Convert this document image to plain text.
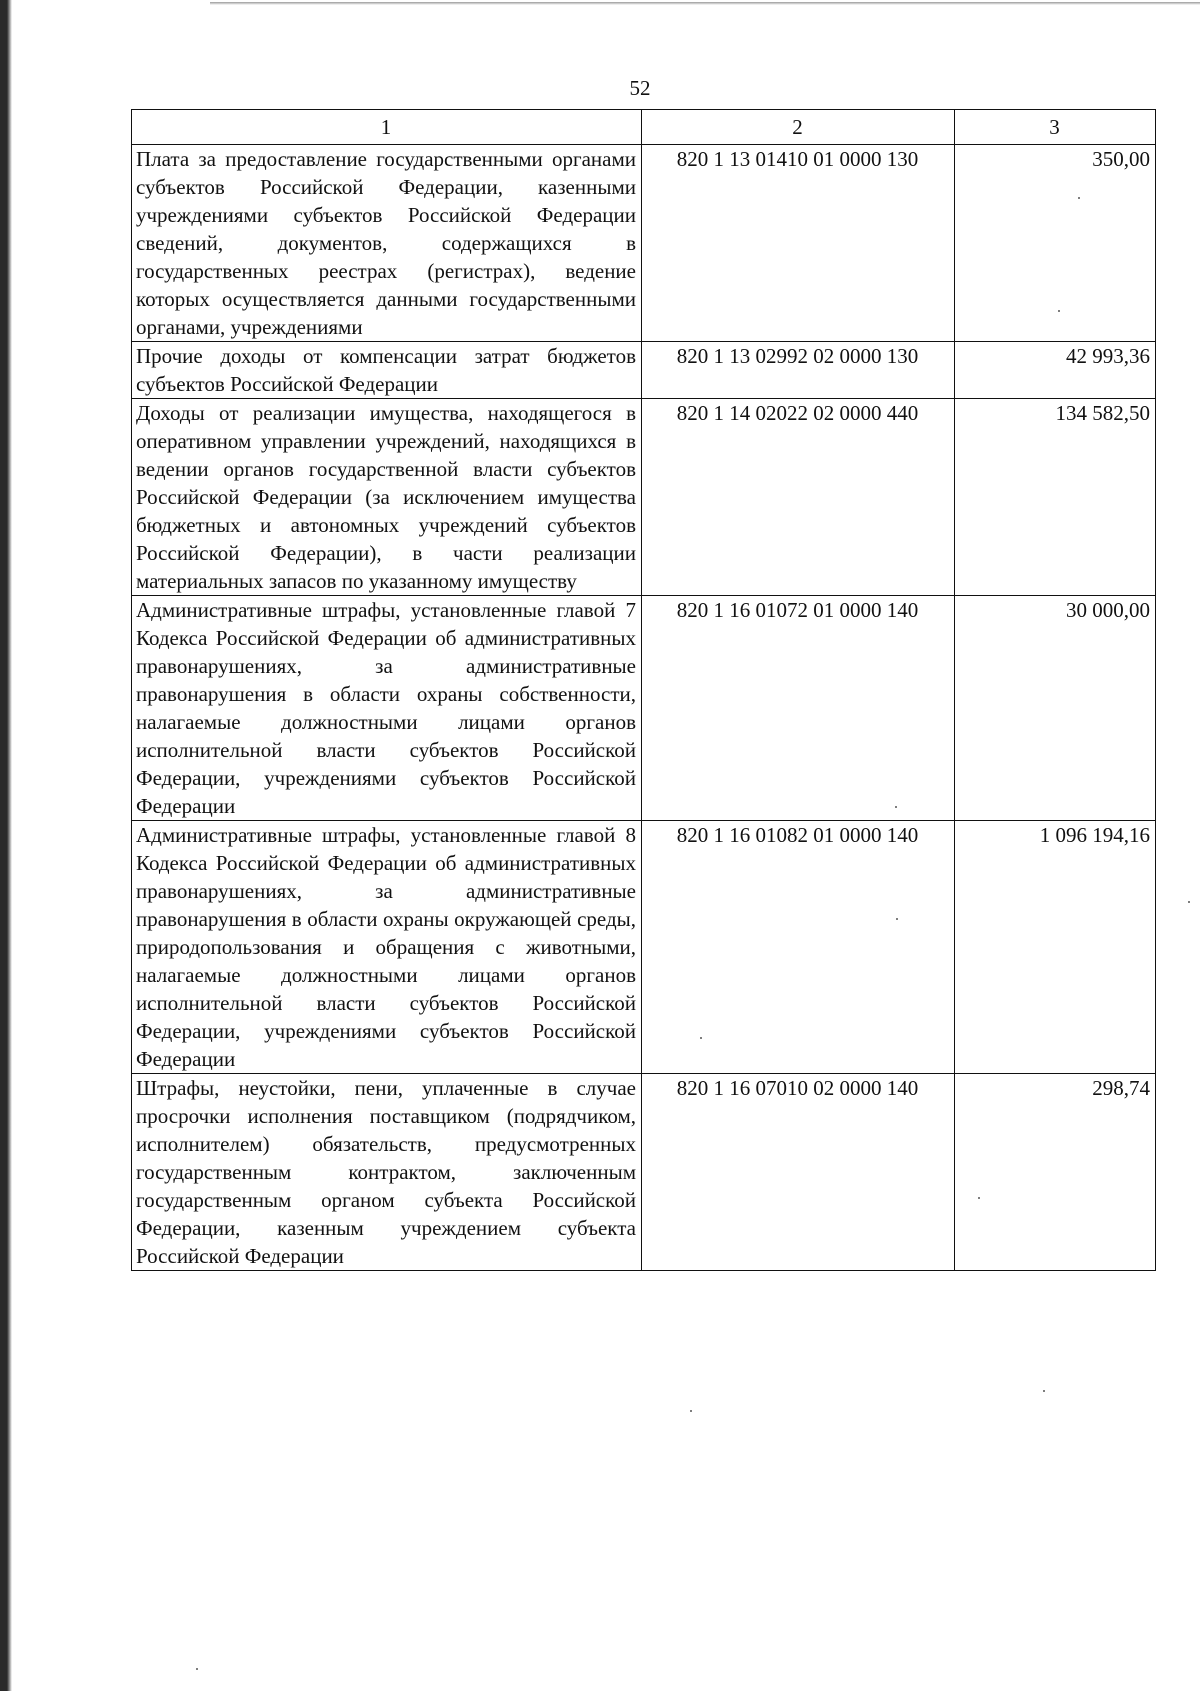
52
1	2	3
Плата за предоставление государственными органами субъектов Российской Федерации, казенными учреждениями субъектов Российской Федерации сведений, документов, содержащихся в государственных реестрах (регистрах), ведение которых осуществляется данными государственными органами, учреждениями	820 1 13 01410 01 0000 130	350,00
Прочие доходы от компенсации затрат бюджетов субъектов Российской Федерации	820 1 13 02992 02 0000 130	42 993,36
Доходы от реализации имущества, находящегося в оперативном управлении учреждений, находящихся в ведении органов государственной власти субъектов Российской Федерации (за исключением имущества бюджетных и автономных учреждений субъектов Российской Федерации), в части реализации материальных запасов по указанному имуществу	820 1 14 02022 02 0000 440	134 582,50
Административные штрафы, установленные главой 7 Кодекса Российской Федерации об административных правонарушениях, за административные правонарушения в области охраны собственности, налагаемые должностными лицами органов исполнительной власти субъектов Российской Федерации, учреждениями субъектов Российской Федерации	820 1 16 01072 01 0000 140	30 000,00
Административные штрафы, установленные главой 8 Кодекса Российской Федерации об административных правонарушениях, за административные правонарушения в области охраны окружающей среды, природопользования и обращения с животными, налагаемые должностными лицами органов исполнительной власти субъектов Российской Федерации, учреждениями субъектов Российской Федерации	820 1 16 01082 01 0000 140	1 096 194,16
Штрафы, неустойки, пени, уплаченные в случае просрочки исполнения поставщиком (подрядчиком, исполнителем) обязательств, предусмотренных государственным контрактом, заключенным государственным органом субъекта Российской Федерации, казенным учреждением субъекта Российской Федерации	820 1 16 07010 02 0000 140	298,74
